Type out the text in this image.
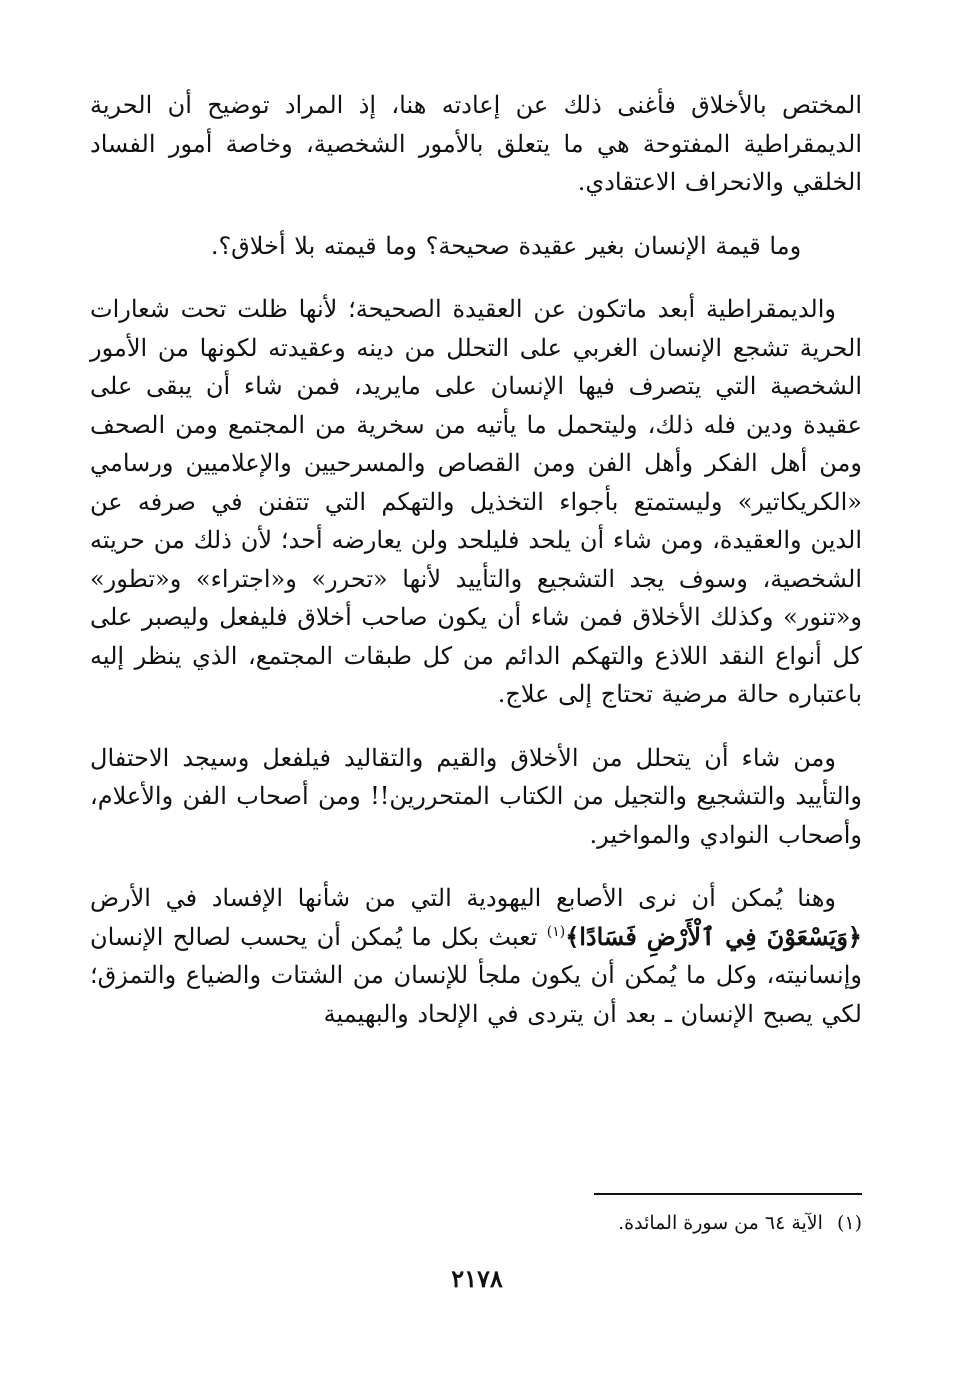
المختص بالأخلاق فأغنى ذلك عن إعادته هنا، إذ المراد توضيح أن الحرية الديمقراطية المفتوحة هي ما يتعلق بالأمور الشخصية، وخاصة أمور الفساد الخلقي والانحراف الاعتقادي.

وما قيمة الإنسان بغير عقيدة صحيحة؟ وما قيمته بلا أخلاق؟.

والديمقراطية أبعد ماتكون عن العقيدة الصحيحة؛ لأنها ظلت تحت شعارات الحرية تشجع الإنسان الغربي على التحلل من دينه وعقيدته لكونها من الأمور الشخصية التي يتصرف فيها الإنسان على مايريد، فمن شاء أن يبقى على عقيدة ودين فله ذلك، وليتحمل ما يأتيه من سخرية من المجتمع ومن الصحف ومن أهل الفكر وأهل الفن ومن القصاص والمسرحيين والإعلاميين ورسامي «الكريكاتير» وليستمتع بأجواء التخذيل والتهكم التي تتفنن في صرفه عن الدين والعقيدة، ومن شاء أن يلحد فليلحد ولن يعارضه أحد؛ لأن ذلك من حريته الشخصية، وسوف يجد التشجيع والتأييد لأنها «تحرر» و«اجتراء» و«تطور» و«تنور» وكذلك الأخلاق فمن شاء أن يكون صاحب أخلاق فليفعل وليصبر على كل أنواع النقد اللاذع والتهكم الدائم من كل طبقات المجتمع، الذي ينظر إليه باعتباره حالة مرضية تحتاج إلى علاج.

ومن شاء أن يتحلل من الأخلاق والقيم والتقاليد فيلفعل وسيجد الاحتفال والتأييد والتشجيع والتجيل من الكتاب المتحررين!! ومن أصحاب الفن والأعلام، وأصحاب النوادي والمواخير.

وهنا يُمكن أن نرى الأصابع اليهودية التي من شأنها الإفساد في الأرض ﴿وَيَسْعَوْنَ فِي ٱلْأَرْضِ فَسَادًا﴾$^{(١)}$ تعبث بكل ما يُمكن أن يحسب لصالح الإنسان وإنسانيته، وكل ما يُمكن أن يكون ملجأ للإنسان من الشتات والضياع والتمزق؛ لكي يصبح الإنسان ـ بعد أن يتردى في الإلحاد والبهيمية

(١)الآية ٦٤ من سورة المائدة.
٢١٧٨
